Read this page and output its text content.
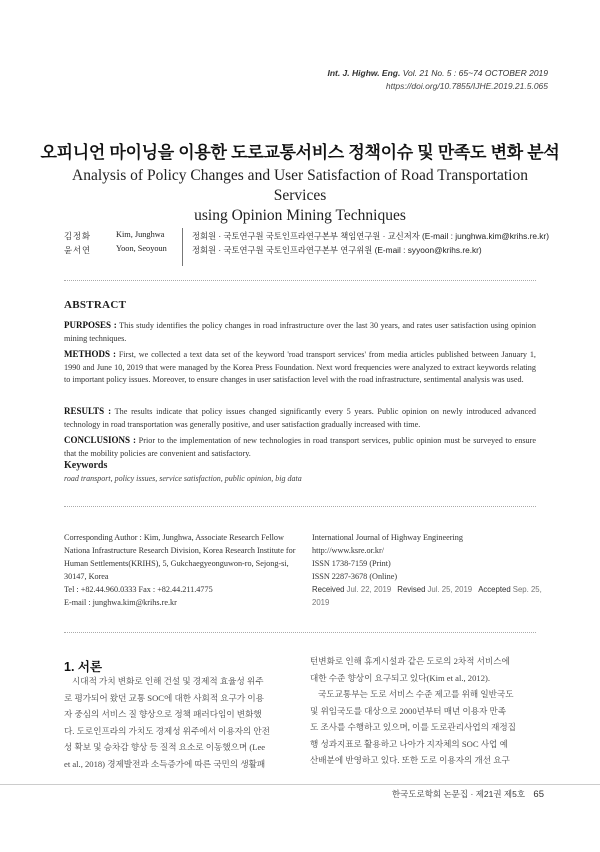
Int. J. Highw. Eng. Vol. 21 No. 5 : 65~74 OCTOBER 2019
https://doi.org/10.7855/IJHE.2019.21.5.065
오피니언 마이닝을 이용한 도로교통서비스 정책이슈 및 만족도 변화 분석
Analysis of Policy Changes and User Satisfaction of Road Transportation Services
using Opinion Mining Techniques
김정화	Kim, Junghwa	정회원 · 국토연구원 국토인프라연구본부 책임연구원 · 교신저자 (E-mail : junghwa.kim@krihs.re.kr)
윤서연	Yoon, Seoyoun	정회원 · 국토연구원 국토인프라연구본부 연구위원 (E-mail : syyoon@krihs.re.kr)
ABSTRACT
PURPOSES : This study identifies the policy changes in road infrastructure over the last 30 years, and rates user satisfaction using opinion mining techniques.
METHODS : First, we collected a text data set of the keyword 'road transport services' from media articles published between January 1, 1990 and June 10, 2019 that were managed by the Korea Press Foundation. Next word frequencies were analyzed to extract keywords relating to important policy issues. Moreover, to ensure changes in user satisfaction level with the road infrastructure, sentimental analysis was used.
RESULTS : The results indicate that policy issues changed significantly every 5 years. Public opinion on newly introduced advanced technology in road transportation was generally positive, and user satisfaction gradually increased with time.
CONCLUSIONS : Prior to the implementation of new technologies in road transport services, public opinion must be surveyed to ensure that the mobility policies are convenient and satisfactory.
Keywords
road transport, policy issues, service satisfaction, public opinion, big data
Corresponding Author : Kim, Junghwa, Associate Research Fellow
Nationa Infrastructure Research Division, Korea Research Institute for
Human Settlements(KRIHS), 5, Gukchaegyeonguwon-ro, Sejong-si,
30147, Korea
Tel : +82.44.960.0333 Fax : +82.44.211.4775
E-mail : junghwa.kim@krihs.re.kr
International Journal of Highway Engineering
http://www.ksre.or.kr/
ISSN 1738-7159 (Print)
ISSN 2287-3678 (Online)
Received Jul. 22, 2019 Revised Jul. 25, 2019 Accepted Sep. 25, 2019
1. 서론
시대적 가치 변화로 인해 건설 및 경제적 효율성 위주
로 평가되어 왔던 교통 SOC에 대한 사회적 요구가 이용
자 중심의 서비스 질 향상으로 정책 패러다임이 변화했
다. 도로인프라의 가치도 경제성 위주에서 이용자의 안전
성 확보 및 승차감 향상 등 질적 요소로 이동했으며 (Lee
et al., 2018) 경제발전과 소득증가에 따른 국민의 생활패
턴변화로 인해 휴게시설과 같은 도로의 2차적 서비스에
대한 수준 향상이 요구되고 있다(Kim et al., 2012).
국도교통부는 도로 서비스 수준 제고를 위해 일반국도
및 위임국도를 대상으로 2000년부터 매년 이용자 만족
도 조사를 수행하고 있으며, 이를 도로관리사업의 재정집
행 성과지표로 활용하고 나아가 지자체의 SOC 사업 예
산배분에 반영하고 있다. 또한 도로 이용자의 개선 요구
한국도로학회 논문집 · 제21권 제5호 65
